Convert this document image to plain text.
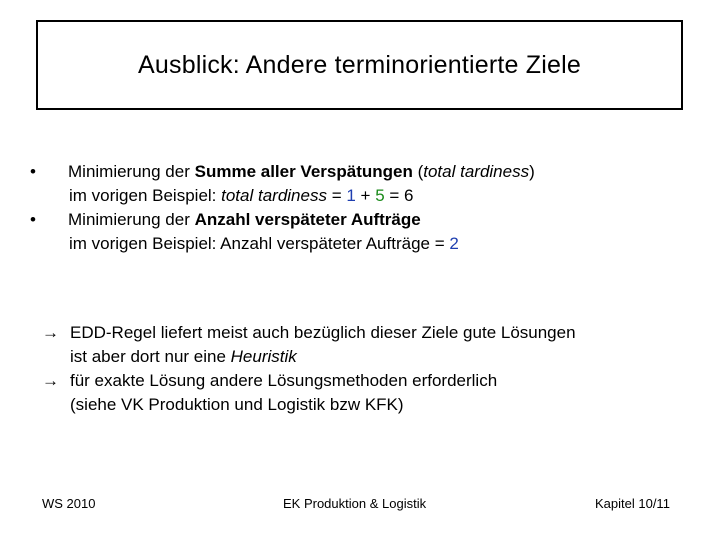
Ausblick: Andere terminorientierte Ziele
•	Minimierung der Summe aller Verspätungen (total tardiness)
im vorigen Beispiel: total tardiness = 1 + 5 = 6
•	Minimierung der Anzahl verspäteter Aufträge
im vorigen Beispiel: Anzahl verspäteter Aufträge = 2
→ EDD-Regel liefert meist auch bezüglich dieser Ziele gute Lösungen
ist aber dort nur eine Heuristik
→ für exakte Lösung andere Lösungsmethoden erforderlich
(siehe VK Produktion und Logistik bzw KFK)
WS 2010	EK Produktion & Logistik	Kapitel 10/11
